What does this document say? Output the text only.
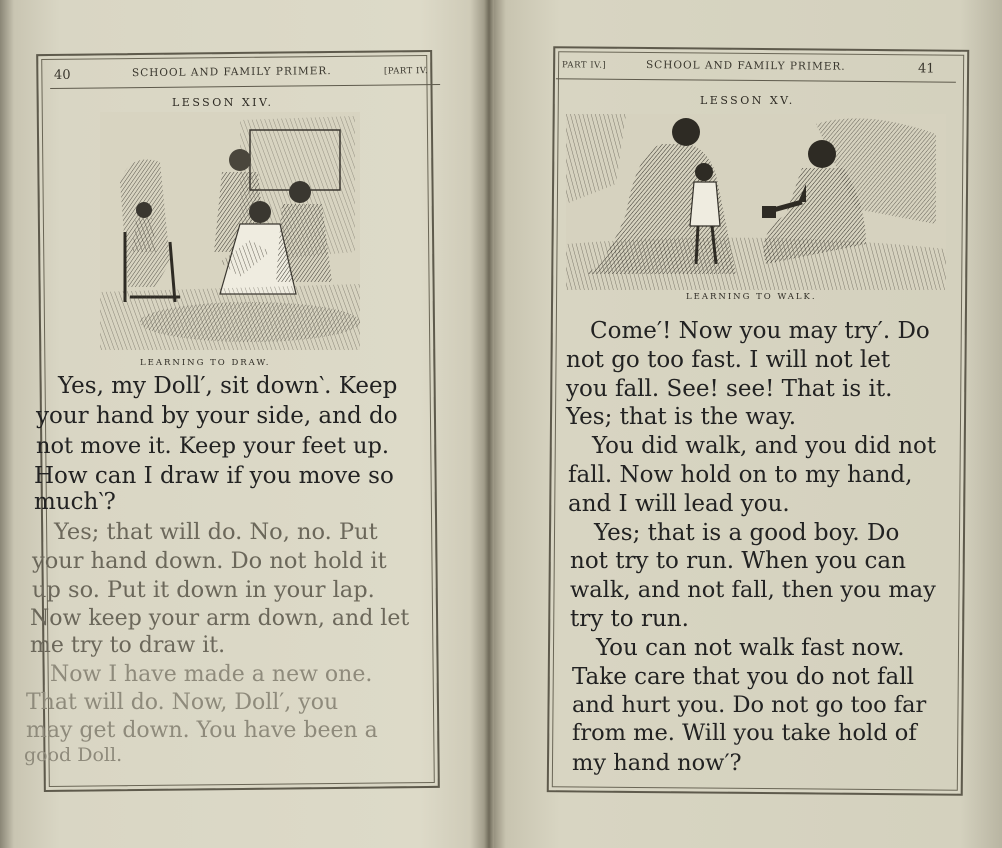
40	SCHOOL AND FAMILY PRIMER.	[PART IV.
LESSON XIV.
LEARNING TO DRAW.
Yes, my Doll′, sit down‵. Keep
your hand by your side, and do
not move it. Keep your feet up.
How can I draw if you move so
much‵?
Yes; that will do. No, no. Put
your hand down. Do not hold it
up so. Put it down in your lap.
Now keep your arm down, and let
me try to draw it.
Now I have made a new one.
That will do. Now, Doll′, you
may get down. You have been a
good Doll.
PART IV.]	SCHOOL AND FAMILY PRIMER.	41
LESSON XV.
LEARNING TO WALK.
Come′! Now you may try′. Do
not go too fast. I will not let
you fall. See! see! That is it.
Yes; that is the way.
You did walk, and you did not
fall. Now hold on to my hand,
and I will lead you.
Yes; that is a good boy. Do
not try to run. When you can
walk, and not fall, then you may
try to run.
You can not walk fast now.
Take care that you do not fall
and hurt you. Do not go too far
from me. Will you take hold of
my hand now′?
